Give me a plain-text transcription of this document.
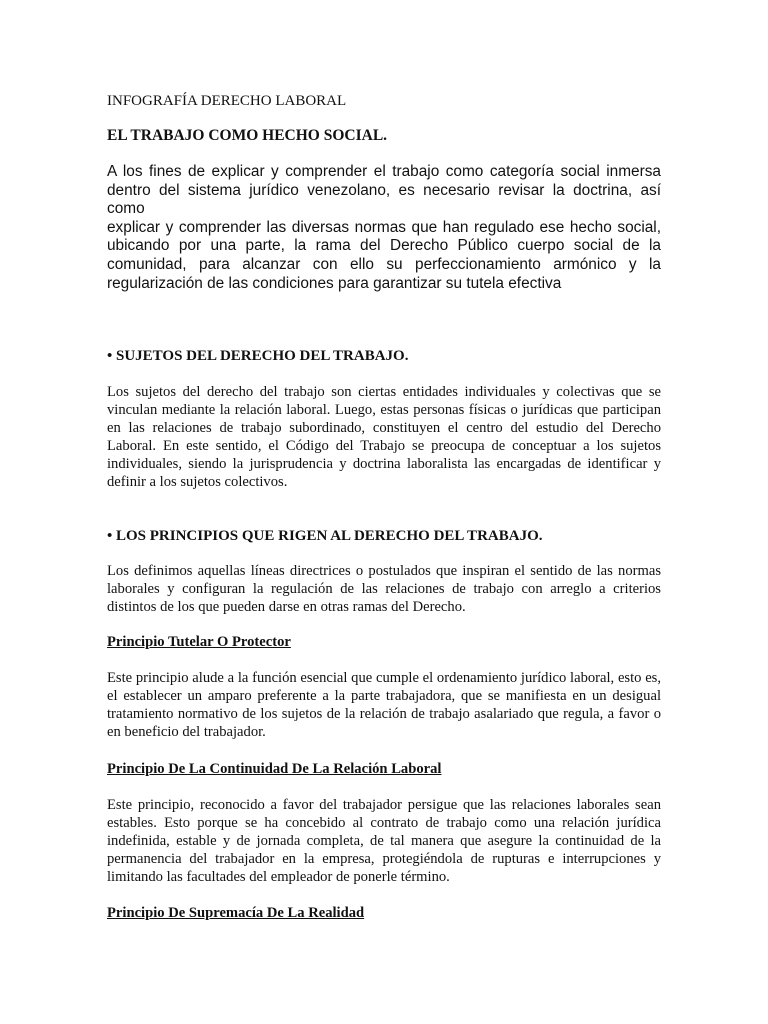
INFOGRAFÍA DERECHO LABORAL
EL TRABAJO COMO HECHO SOCIAL.

A los fines de explicar y comprender el trabajo como categoría social inmersa dentro del sistema jurídico venezolano, es necesario revisar la doctrina, así como

explicar y comprender las diversas normas que han regulado ese hecho social, ubicando por una parte, la rama del Derecho Público cuerpo social de la comunidad, para alcanzar con ello su perfeccionamiento armónico y la regularización de las condiciones para garantizar su tutela efectiva

• SUJETOS DEL DERECHO DEL TRABAJO.

Los sujetos del derecho del trabajo son ciertas entidades individuales y colectivas que se vinculan mediante la relación laboral. Luego, estas personas físicas o jurídicas que participan en las relaciones de trabajo subordinado, constituyen el centro del estudio del Derecho Laboral. En este sentido, el Código del Trabajo se preocupa de conceptuar a los sujetos individuales, siendo la jurisprudencia y doctrina laboralista las encargadas de identificar y definir a los sujetos colectivos.

• LOS PRINCIPIOS QUE RIGEN AL DERECHO DEL TRABAJO.

Los definimos aquellas líneas directrices o postulados que inspiran el sentido de las normas laborales y configuran la regulación de las relaciones de trabajo con arreglo a criterios distintos de los que pueden darse en otras ramas del Derecho.

Principio Tutelar O Protector

Este principio alude a la función esencial que cumple el ordenamiento jurídico laboral, esto es, el establecer un amparo preferente a la parte trabajadora, que se manifiesta en un desigual tratamiento normativo de los sujetos de la relación de trabajo asalariado que regula, a favor o en beneficio del trabajador.

Principio De La Continuidad De La Relación Laboral

Este principio, reconocido a favor del trabajador persigue que las relaciones laborales sean estables. Esto porque se ha concebido al contrato de trabajo como una relación jurídica indefinida, estable y de jornada completa, de tal manera que asegure la continuidad de la permanencia del trabajador en la empresa, protegiéndola de rupturas e interrupciones y limitando las facultades del empleador de ponerle término.

Principio De Supremacía De La Realidad
